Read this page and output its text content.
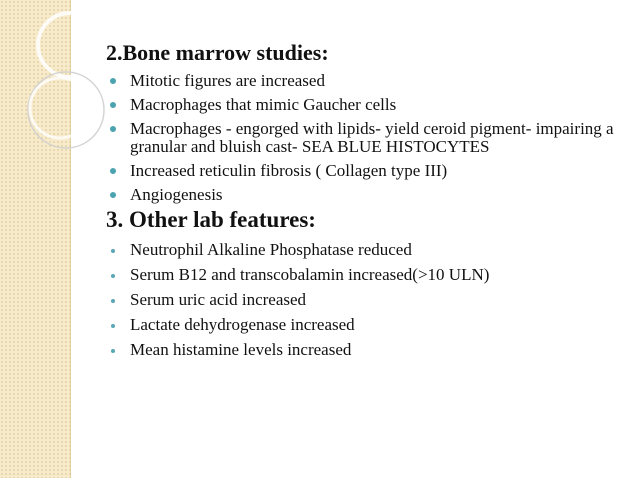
2.Bone marrow studies:
Mitotic figures are increased
Macrophages that mimic Gaucher cells
Macrophages - engorged with lipids- yield ceroid pigment- impairing a granular and bluish cast- SEA BLUE HISTOCYTES
Increased reticulin fibrosis ( Collagen type III)
Angiogenesis
3. Other lab features:
Neutrophil Alkaline Phosphatase reduced
Serum B12 and transcobalamin increased(>10 ULN)
Serum uric acid increased
Lactate dehydrogenase increased
Mean histamine levels increased
